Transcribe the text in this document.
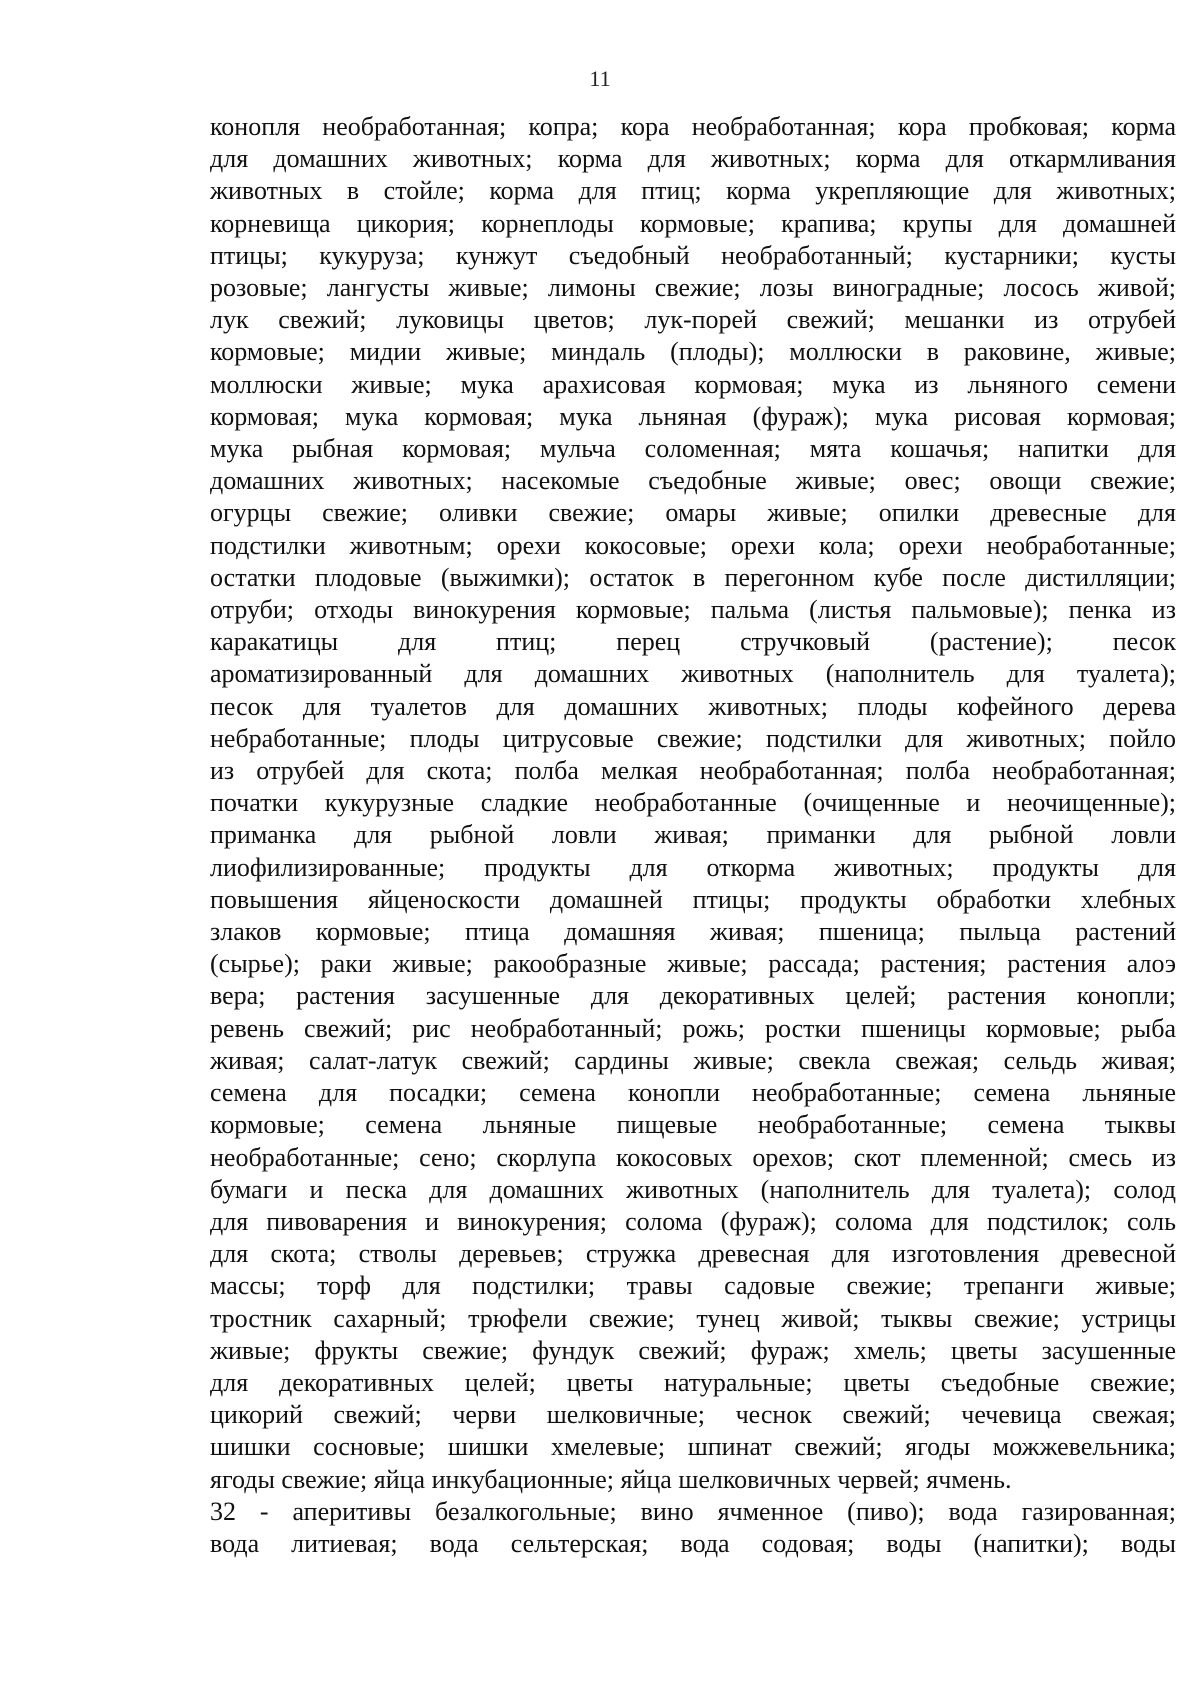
11

конопля необработанная; копра; кора необработанная; кора пробковая; корма
для домашних животных; корма для животных; корма для откармливания
животных в стойле; корма для птиц; корма укрепляющие для животных;
корневища цикория; корнеплоды кормовые; крапива; крупы для домашней
птицы; кукуруза; кунжут съедобный необработанный; кустарники; кусты
розовые; лангусты живые; лимоны свежие; лозы виноградные; лосось живой;
лук свежий; луковицы цветов; лук-порей свежий; мешанки из отрубей
кормовые; мидии живые; миндаль (плоды); моллюски в раковине, живые;
моллюски живые; мука арахисовая кормовая; мука из льняного семени
кормовая; мука кормовая; мука льняная (фураж); мука рисовая кормовая;
мука рыбная кормовая; мульча соломенная; мята кошачья; напитки для
домашних животных; насекомые съедобные живые; овес; овощи свежие;
огурцы свежие; оливки свежие; омары живые; опилки древесные для
подстилки животным; орехи кокосовые; орехи кола; орехи необработанные;
остатки плодовые (выжимки); остаток в перегонном кубе после дистилляции;
отруби; отходы винокурения кормовые; пальма (листья пальмовые); пенка из
каракатицы для птиц; перец стручковый (растение); песок
ароматизированный для домашних животных (наполнитель для туалета);
песок для туалетов для домашних животных; плоды кофейного дерева
небработанные; плоды цитрусовые свежие; подстилки для животных; пойло
из отрубей для скота; полба мелкая необработанная; полба необработанная;
початки кукурузные сладкие необработанные (очищенные и неочищенные);
приманка для рыбной ловли живая; приманки для рыбной ловли
лиофилизированные; продукты для откорма животных; продукты для
повышения яйценоскости домашней птицы; продукты обработки хлебных
злаков кормовые; птица домашняя живая; пшеница; пыльца растений
(сырье); раки живые; ракообразные живые; рассада; растения; растения алоэ
вера; растения засушенные для декоративных целей; растения конопли;
ревень свежий; рис необработанный; рожь; ростки пшеницы кормовые; рыба
живая; салат-латук свежий; сардины живые; свекла свежая; сельдь живая;
семена для посадки; семена конопли необработанные; семена льняные
кормовые; семена льняные пищевые необработанные; семена тыквы
необработанные; сено; скорлупа кокосовых орехов; скот племенной; смесь из
бумаги и песка для домашних животных (наполнитель для туалета); солод
для пивоварения и винокурения; солома (фураж); солома для подстилок; соль
для скота; стволы деревьев; стружка древесная для изготовления древесной
массы; торф для подстилки; травы садовые свежие; трепанги живые;
тростник сахарный; трюфели свежие; тунец живой; тыквы свежие; устрицы
живые; фрукты свежие; фундук свежий; фураж; хмель; цветы засушенные
для декоративных целей; цветы натуральные; цветы съедобные свежие;
цикорий свежий; черви шелковичные; чеснок свежий; чечевица свежая;
шишки сосновые; шишки хмелевые; шпинат свежий; ягоды можжевельника;
ягоды свежие; яйца инкубационные; яйца шелковичных червей; ячмень.

32 - аперитивы безалкогольные; вино ячменное (пиво); вода газированная;
вода литиевая; вода сельтерская; вода содовая; воды (напитки); воды
